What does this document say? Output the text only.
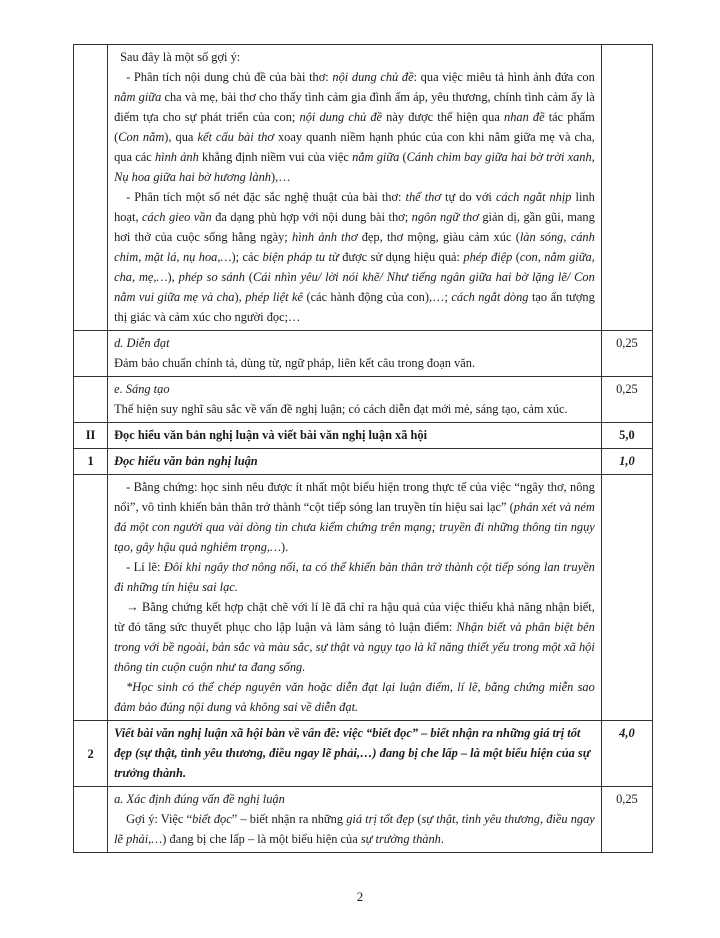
	Sau đây là một số gợi ý:

- Phân tích nội dung chủ đề của bài thơ: nội dung chủ đề: qua việc miêu tả hình ảnh đứa con nằm giữa cha và mẹ, bài thơ cho thấy tình cảm gia đình ấm áp, yêu thương, chính tình cảm ấy là điểm tựa cho sự phát triển của con; nội dung chủ đề này được thể hiện qua nhan đề tác phẩm (Con nằm), qua kết cấu bài thơ xoay quanh niềm hạnh phúc của con khi nằm giữa mẹ và cha, qua các hình ảnh khẳng định niềm vui của việc nằm giữa (Cánh chim bay giữa hai bờ trời xanh, Nụ hoa giữa hai bờ hương lành),…

- Phân tích một số nét đặc sắc nghệ thuật của bài thơ: thể thơ tự do với cách ngắt nhịp linh hoạt, cách gieo vần đa dạng phù hợp với nội dung bài thơ; ngôn ngữ thơ giản dị, gần gũi, mang hơi thở của cuộc sống hằng ngày; hình ảnh thơ đẹp, thơ mộng, giàu cảm xúc (làn sóng, cánh chim, mặt lá, nụ hoa,…); các biện pháp tu từ được sử dụng hiệu quả: phép điệp (con, nằm giữa, cha, mẹ,…), phép so sánh (Cái nhìn yêu/ lời nói khẽ/ Như tiếng ngân giữa hai bờ lặng lẽ/ Con nằm vui giữa mẹ và cha), phép liệt kê (các hành động của con),…; cách ngắt dòng tạo ấn tượng thị giác và cảm xúc cho người đọc;…	

	d. Diễn đạt

Đảm bảo chuẩn chính tả, dùng từ, ngữ pháp, liên kết câu trong đoạn văn.	0,25

	e. Sáng tạo

Thể hiện suy nghĩ sâu sắc về vấn đề nghị luận; có cách diễn đạt mới mẻ, sáng tạo, cảm xúc.	0,25
II	Đọc hiểu văn bản nghị luận và viết bài văn nghị luận xã hội	5,0
1	Đọc hiểu văn bản nghị luận	1,0

	- Bằng chứng: học sinh nêu được ít nhất một biểu hiện trong thực tế của việc “ngây thơ, nông nổi”, vô tình khiến bản thân trở thành “cột tiếp sóng lan truyền tín hiệu sai lạc” (phán xét và ném đá một con người qua vài dòng tin chưa kiểm chứng trên mạng; truyền đi những thông tin ngụy tạo, gây hậu quả nghiêm trọng,…).

- Lí lẽ: Đôi khi ngây thơ nông nổi, ta có thể khiến bản thân trở thành cột tiếp sóng lan truyền đi những tín hiệu sai lạc.

→ Bằng chứng kết hợp chặt chẽ với lí lẽ đã chỉ ra hậu quả của việc thiếu khả năng nhận biết, từ đó tăng sức thuyết phục cho lập luận và làm sáng tỏ luận điểm: Nhận biết và phân biệt bên trong với bề ngoài, bản sắc và màu sắc, sự thật và ngụy tạo là kĩ năng thiết yếu trong một xã hội thông tin cuộn cuộn như ta đang sống.

*Học sinh có thể chép nguyên văn hoặc diễn đạt lại luận điểm, lí lẽ, bằng chứng miễn sao đảm bảo đúng nội dung và không sai về diễn đạt.	

2	Viết bài văn nghị luận xã hội bàn về vấn đề: việc “biết đọc” – biết nhận ra những giá trị tốt đẹp (sự thật, tình yêu thương, điều ngay lẽ phải,…) đang bị che lấp – là một biểu hiện của sự trưởng thành.	4,0

	a. Xác định đúng vấn đề nghị luận

Gợi ý: Việc “biết đọc” – biết nhận ra những giá trị tốt đẹp (sự thật, tình yêu thương, điều ngay lẽ phải,…) đang bị che lấp – là một biểu hiện của sự trưởng thành.	0,25
2
